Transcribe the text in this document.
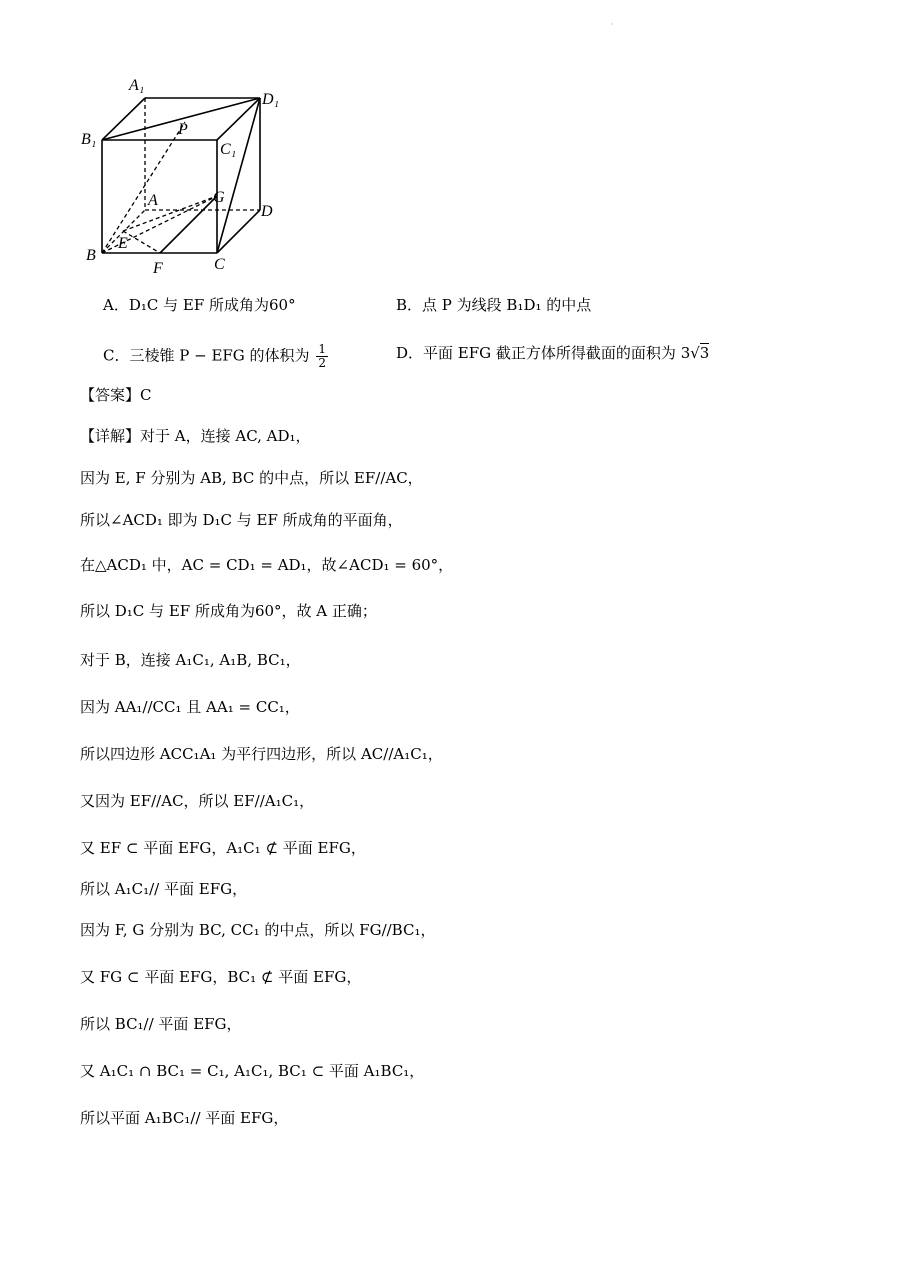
·
A₁
D₁
B₁
C₁
P
G
A
D
B
E
F	C
A．D₁C 与 EF 所成角为60°	B．点 P 为线段 B₁D₁ 的中点
C．三棱锥 P − EFG 的体积为 $\frac{1}{2}$	D．平面 EFG 截正方体所得截面的面积为 3√3
【答案】C
【详解】对于 A，连接 AC, AD₁，
因为 E, F 分别为 AB, BC 的中点，所以 EF//AC，
所以∠ACD₁ 即为 D₁C 与 EF 所成角的平面角，
在△ACD₁ 中，AC = CD₁ = AD₁，故∠ACD₁ = 60°，
所以 D₁C 与 EF 所成角为60°，故 A 正确；
对于 B，连接 A₁C₁, A₁B, BC₁，
因为 AA₁//CC₁ 且 AA₁ = CC₁，
所以四边形 ACC₁A₁ 为平行四边形，所以 AC//A₁C₁，
又因为 EF//AC，所以 EF//A₁C₁，
又 EF ⊂ 平面 EFG，A₁C₁ ⊄ 平面 EFG，
所以 A₁C₁// 平面 EFG，
因为 F, G 分别为 BC, CC₁ 的中点，所以 FG//BC₁，
又 FG ⊂ 平面 EFG，BC₁ ⊄ 平面 EFG，
所以 BC₁// 平面 EFG，
又 A₁C₁ ∩ BC₁ = C₁, A₁C₁, BC₁ ⊂ 平面 A₁BC₁，
所以平面 A₁BC₁// 平面 EFG，
